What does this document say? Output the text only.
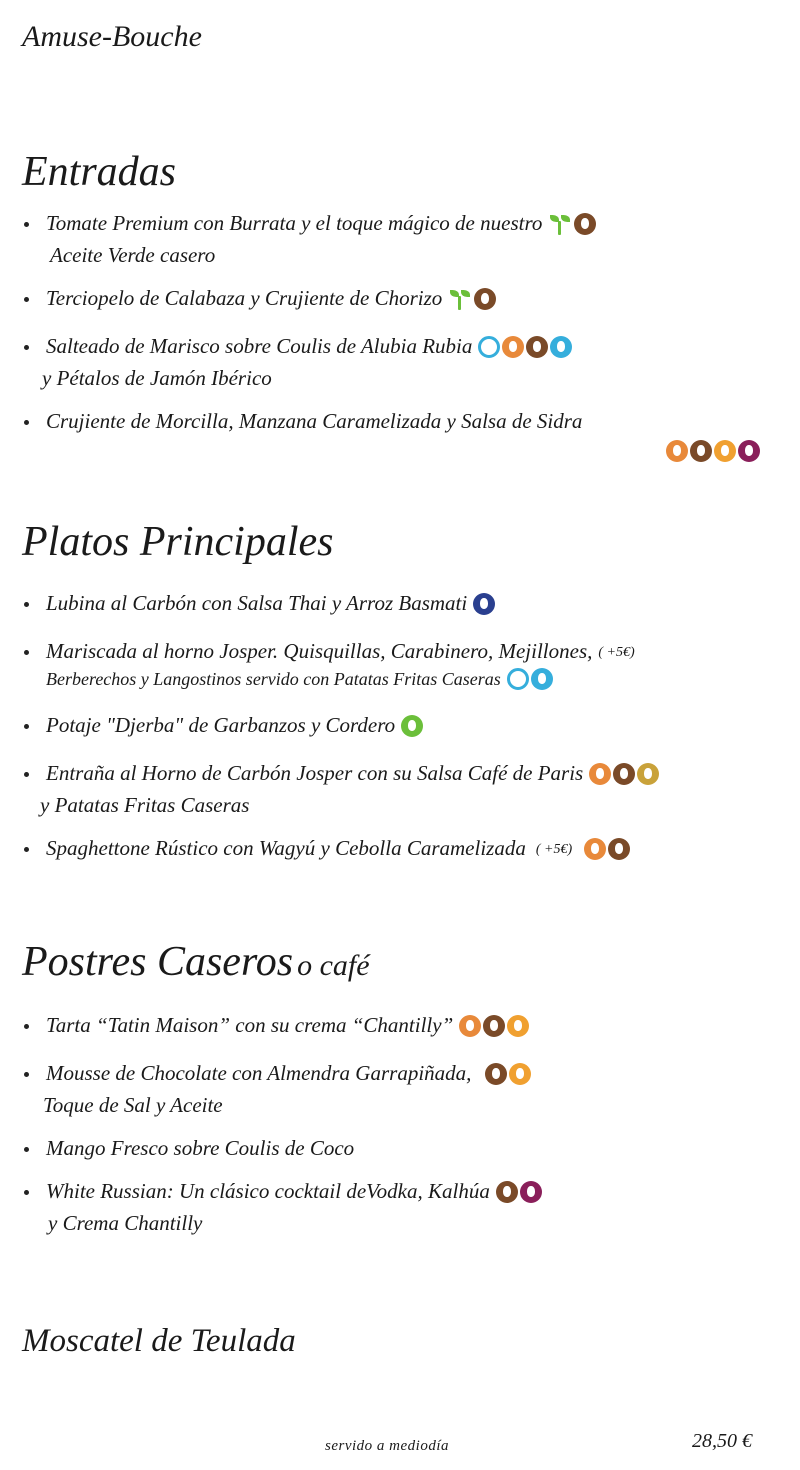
Amuse-Bouche
Entradas
Tomate Premium con Burrata y el toque mágico de nuestro
Aceite Verde casero
Terciopelo de Calabaza y Crujiente de Chorizo
Salteado de Marisco sobre Coulis de Alubia Rubia
y Pétalos de Jamón Ibérico
Crujiente de Morcilla, Manzana Caramelizada y Salsa de Sidra
Platos Principales
Lubina al Carbón con Salsa Thai y Arroz Basmati
Mariscada al horno Josper. Quisquillas, Carabinero, Mejillones, ( +5€)
Berberechos y Langostinos servido con Patatas Fritas Caseras
Potaje "Djerba" de Garbanzos y Cordero
Entraña al Horno de Carbón Josper con su Salsa Café de Paris
y Patatas Fritas Caseras
Spaghettone Rústico con Wagyú y Cebolla Caramelizada ( +5€)
Postres Caseros o café
Tarta “Tatin Maison” con su crema “Chantilly”
Mousse de Chocolate con Almendra Garrapiñada,
Toque de Sal y Aceite
Mango Fresco sobre Coulis de Coco
White Russian: Un clásico cocktail deVodka, Kalhúa
y Crema Chantilly
Moscatel de Teulada
servido a mediodía	28,50 €
